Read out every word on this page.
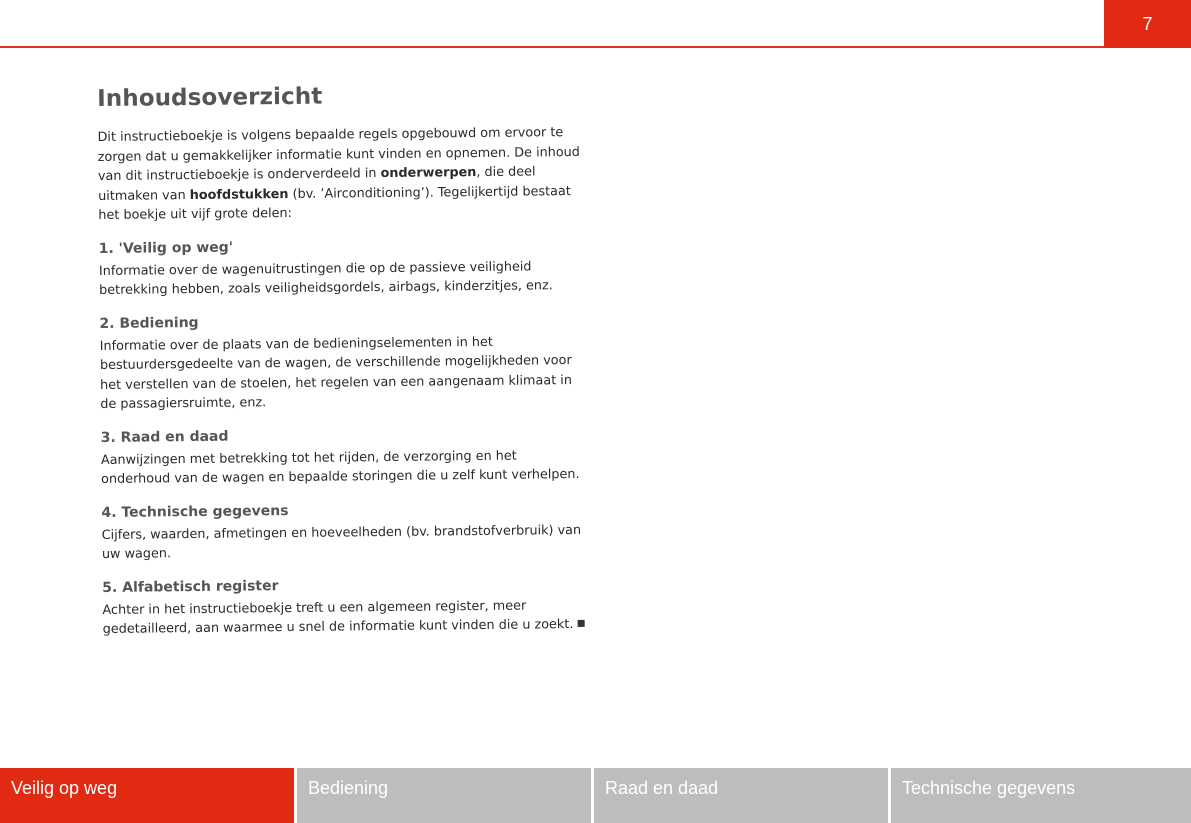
7
Inhoudsoverzicht

Dit instructieboekje is volgens bepaalde regels opgebouwd om ervoor te zorgen dat u gemakkelijker informatie kunt vinden en opnemen. De inhoud van dit instructieboekje is onderverdeeld in onderwerpen, die deel uitmaken van hoofdstukken (bv. ’Airconditioning’). Tegelijkertijd bestaat het boekje uit vijf grote delen:

1. 'Veilig op weg'

Informatie over de wagenuitrustingen die op de passieve veiligheid betrekking hebben, zoals veiligheidsgordels, airbags, kinderzitjes, enz.

2. Bediening

Informatie over de plaats van de bedieningselementen in het bestuurdersgedeelte van de wagen, de verschillende mogelijkheden voor het verstellen van de stoelen, het regelen van een aangenaam klimaat in de passagiersruimte, enz.

3. Raad en daad

Aanwijzingen met betrekking tot het rijden, de verzorging en het onderhoud van de wagen en bepaalde storingen die u zelf kunt verhelpen.

4. Technische gegevens

Cijfers, waarden, afmetingen en hoeveelheden (bv. brandstofverbruik) van uw wagen.

5. Alfabetisch register

Achter in het instructieboekje treft u een algemeen register, meer gedetailleerd, aan waarmee u snel de informatie kunt vinden die u zoekt.

Veilig op weg	Bediening	Raad en daad	Technische gegevens
